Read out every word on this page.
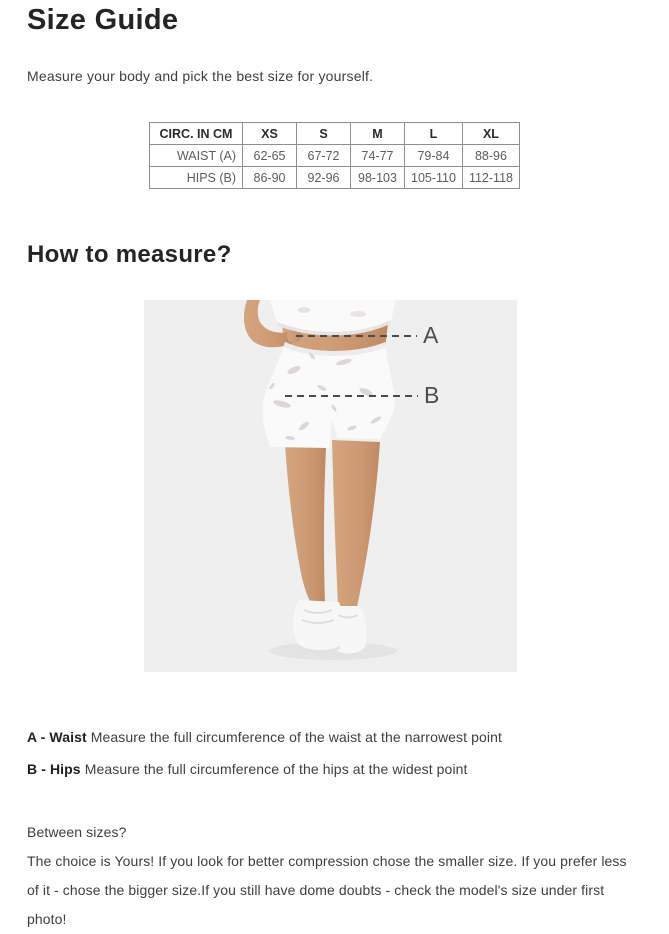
Size Guide

Measure your body and pick the best size for yourself.

CIRC. IN CM	XS	S	M	L	XL
WAIST (A)	62-65	67-72	74-77	79-84	88-96
HIPS (B)	86-90	92-96	98-103	105-110	112-118
How to measure?
A
B
A - Waist Measure the full circumference of the waist at the narrowest point
B - Hips Measure the full circumference of the hips at the widest point

Between sizes?

The choice is Yours! If you look for better compression chose the smaller size. If you prefer less of it - chose the bigger size.If you still have dome doubts - check the model's size under first photo!
